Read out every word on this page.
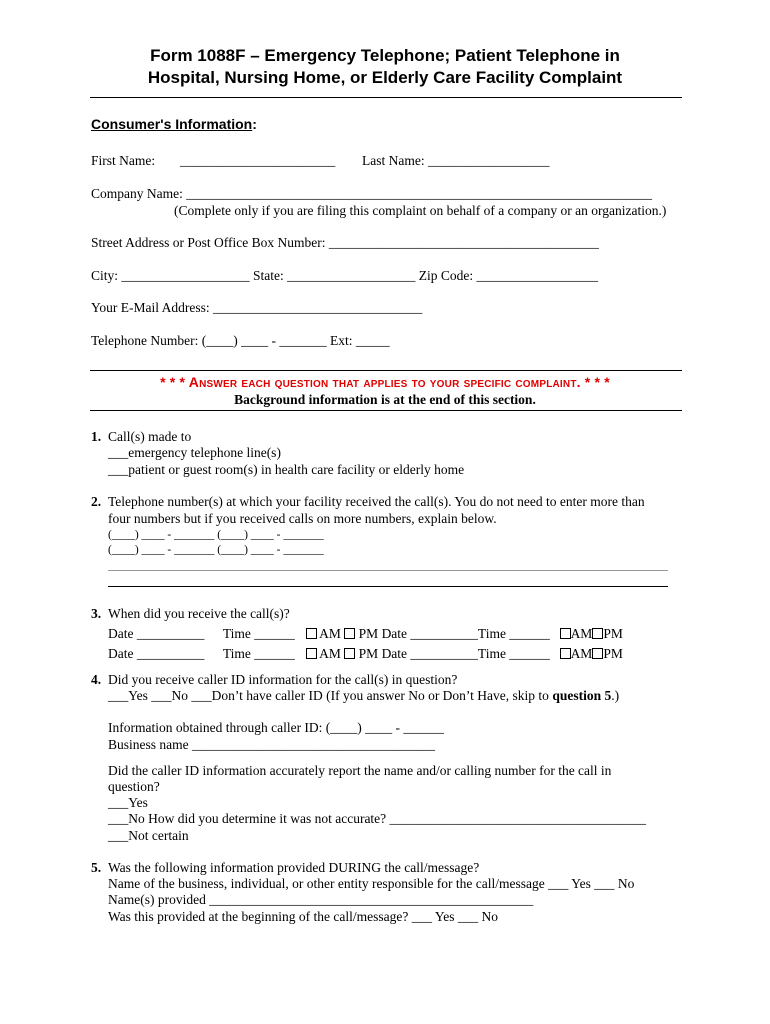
Form 1088F – Emergency Telephone; Patient Telephone in
Hospital, Nursing Home, or Elderly Care Facility Complaint
Consumer's Information:
First Name: _______________________ Last Name: __________________
Company Name: _____________________________________________________________________
(Complete only if you are filing this complaint on behalf of a company or an organization.)
Street Address or Post Office Box Number: ________________________________________
City: ___________________ State: ___________________ Zip Code: __________________
Your E-Mail Address: _______________________________
Telephone Number: (____) ____ - _______ Ext: _____
* * * Answer each question that applies to your specific complaint. * * *
Background information is at the end of this section.
1. Call(s) made to
___emergency telephone line(s)
___patient or guest room(s) in health care facility or elderly home
2. Telephone number(s) at which your facility received the call(s). You do not need to enter more than
four numbers but if you received calls on more numbers, explain below.
(____) ____ - _______ (____) ____ - _______
(____) ____ - _______ (____) ____ - _______
3. When did you receive the call(s)?
Date __________ Time ______ AM PM Date __________Time ______ AM PM
Date __________ Time ______ AM PM Date __________Time ______ AM PM
4. Did you receive caller ID information for the call(s) in question?
___Yes ___No ___Don’t have caller ID (If you answer No or Don’t Have, skip to question 5.)
Information obtained through caller ID: (____) ____ - ______
Business name ____________________________________
Did the caller ID information accurately report the name and/or calling number for the call in
question?
___Yes
___No How did you determine it was not accurate? ______________________________________
___Not certain
5. Was the following information provided DURING the call/message?
Name of the business, individual, or other entity responsible for the call/message ___ Yes ___ No
Name(s) provided ________________________________________________
Was this provided at the beginning of the call/message? ___ Yes ___ No
